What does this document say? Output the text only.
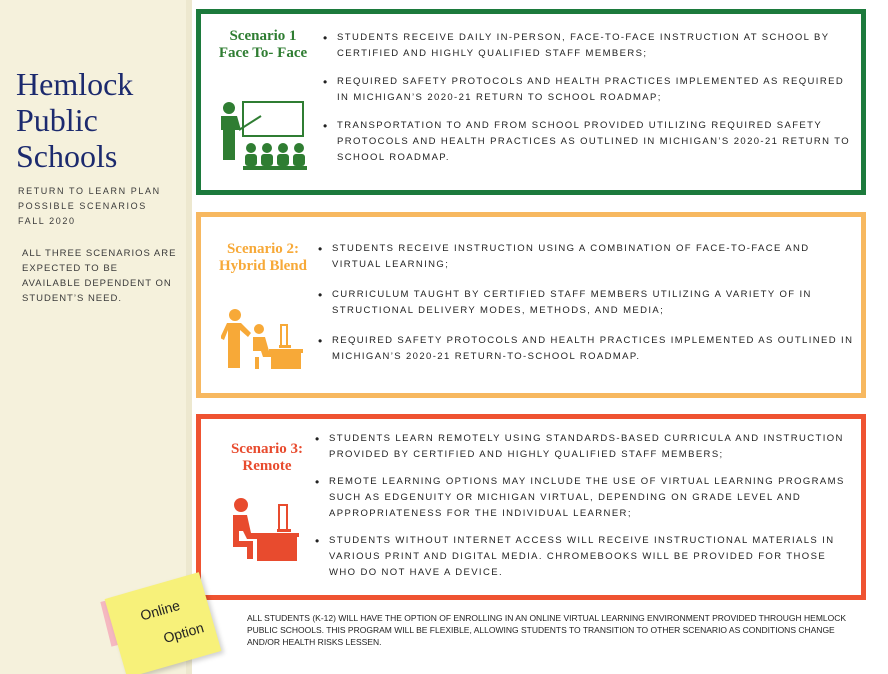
Hemlock
Public
Schools
RETURN TO LEARN PLAN
POSSIBLE SCENARIOS
FALL 2020
ALL THREE SCENARIOS ARE EXPECTED TO BE AVAILABLE DEPENDENT ON STUDENT’S NEED.
Scenario 1
Face To- Face
• STUDENTS RECEIVE DAILY IN-PERSON, FACE-TO-FACE INSTRUCTION AT SCHOOL BY CERTIFIED AND HIGHLY QUALIFIED STAFF MEMBERS;
• REQUIRED SAFETY PROTOCOLS AND HEALTH PRACTICES IMPLEMENTED AS REQUIRED IN MICHIGAN’S 2020-21 RETURN TO SCHOOL ROADMAP;
• TRANSPORTATION TO AND FROM SCHOOL PROVIDED UTILIZING REQUIRED SAFETY PROTOCOLS AND HEALTH PRACTICES AS OUTLINED IN MICHIGAN’S 2020-21 RETURN TO SCHOOL ROADMAP.
Scenario 2:
Hybrid Blend
• STUDENTS RECEIVE INSTRUCTION USING A COMBINATION OF FACE-TO-FACE AND VIRTUAL LEARNING;
• CURRICULUM TAUGHT BY CERTIFIED STAFF MEMBERS UTILIZING A VARIETY OF IN STRUCTIONAL DELIVERY MODES, METHODS, AND MEDIA;
• REQUIRED SAFETY PROTOCOLS AND HEALTH PRACTICES IMPLEMENTED AS OUTLINED IN MICHIGAN’S 2020-21 RETURN-TO-SCHOOL ROADMAP.
Scenario 3:
Remote
• STUDENTS LEARN REMOTELY USING STANDARDS-BASED CURRICULA AND INSTRUCTION PROVIDED BY CERTIFIED AND HIGHLY QUALIFIED STAFF MEMBERS;
• REMOTE LEARNING OPTIONS MAY INCLUDE THE USE OF VIRTUAL LEARNING PROGRAMS SUCH AS EDGENUITY OR MICHIGAN VIRTUAL, DEPENDING ON GRADE LEVEL AND APPROPRIATENESS FOR THE INDIVIDUAL LEARNER;
• STUDENTS WITHOUT INTERNET ACCESS WILL RECEIVE INSTRUCTIONAL MATERIALS IN VARIOUS PRINT AND DIGITAL MEDIA. CHROMEBOOKS WILL BE PROVIDED FOR THOSE WHO DO NOT HAVE A DEVICE.
Online
Option
ALL STUDENTS (K-12) WILL HAVE THE OPTION OF ENROLLING IN AN ONLINE VIRTUAL LEARNING ENVIRONMENT PROVIDED THROUGH HEMLOCK PUBLIC SCHOOLS. THIS PROGRAM WILL BE FLEXIBLE, ALLOWING STUDENTS TO TRANSITION TO OTHER SCENARIO AS CONDITIONS CHANGE AND/OR HEALTH RISKS LESSEN.
